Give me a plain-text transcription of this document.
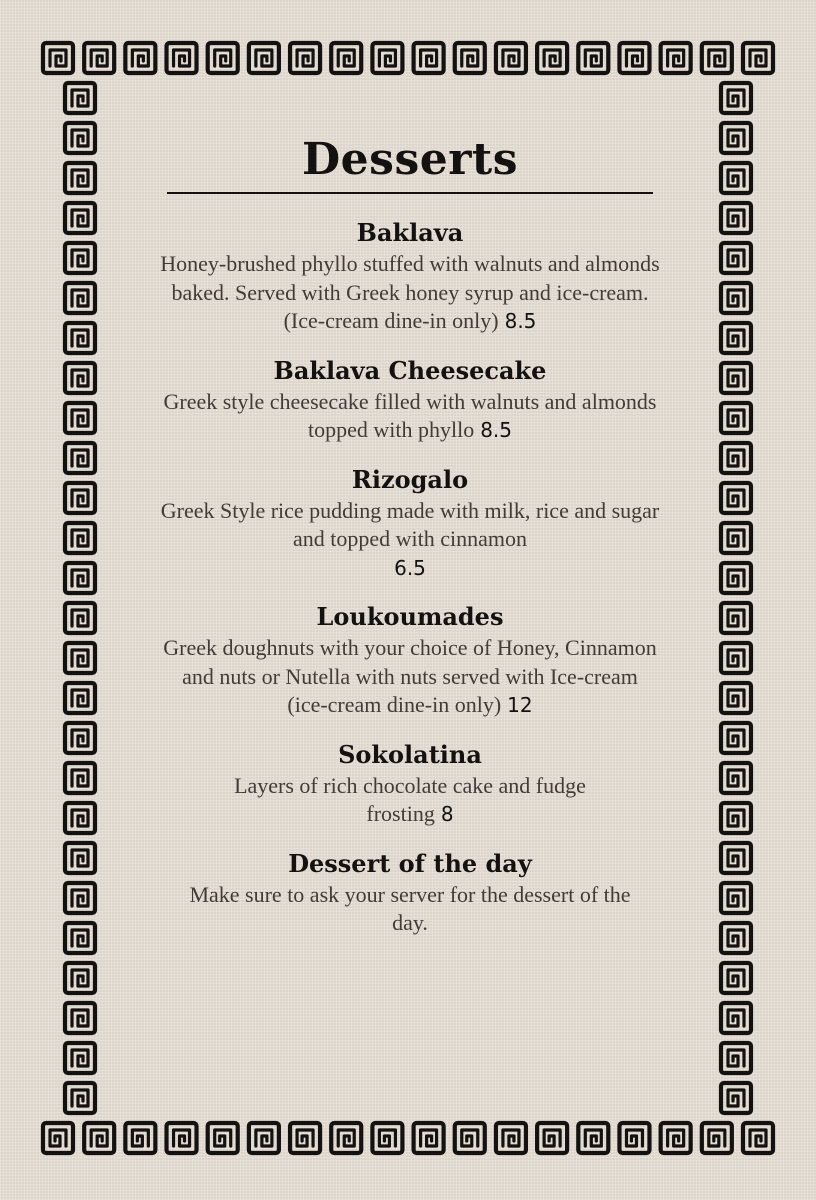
Desserts
Baklava

Honey-brushed phyllo stuffed with walnuts and almonds baked. Served with Greek honey syrup and ice-cream. (Ice-cream dine-in only) 8.5

Baklava Cheesecake

Greek style cheesecake filled with walnuts and almonds topped with phyllo 8.5

Rizogalo

Greek Style rice pudding made with milk, rice and sugar and topped with cinnamon
6.5

Loukoumades

Greek doughnuts with your choice of Honey, Cinnamon and nuts or Nutella with nuts served with Ice-cream (ice-cream dine-in only) 12

Sokolatina

Layers of rich chocolate cake and fudge frosting 8

Dessert of the day

Make sure to ask your server for the dessert of the day.
